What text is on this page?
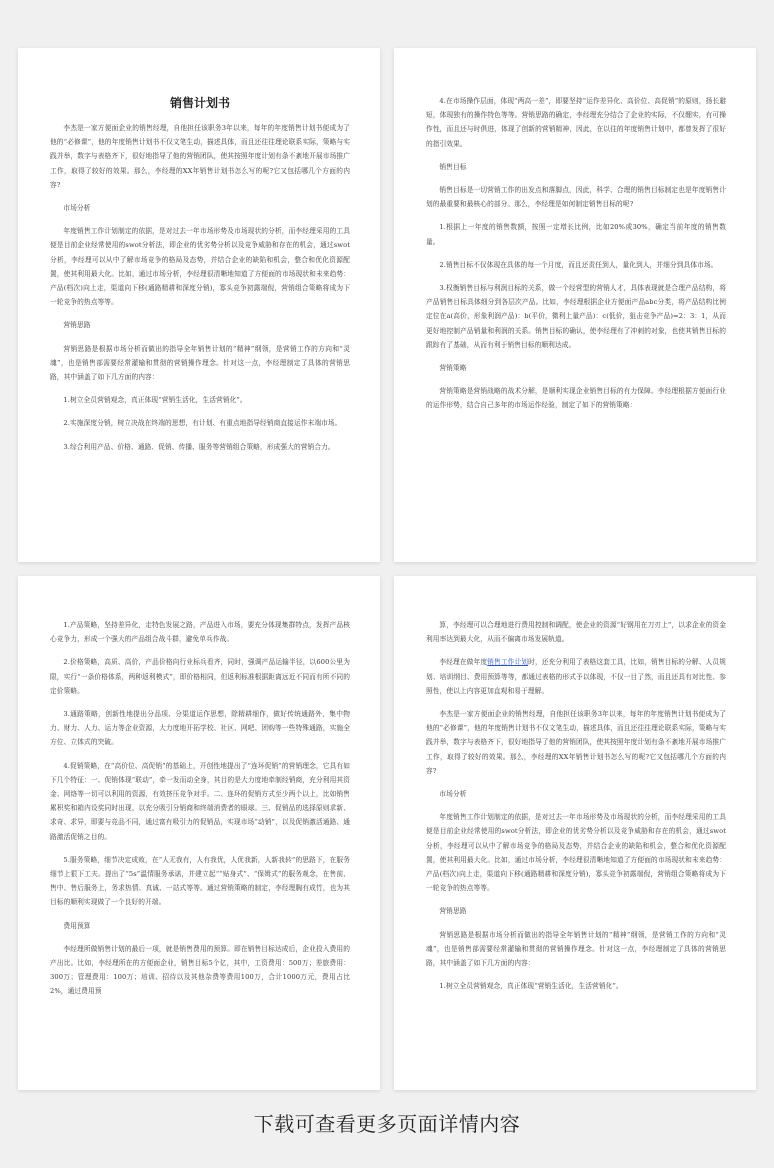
销售计划书

李杰是一家方便面企业的销售经理，自他担任该职务3年以来，每年的年度销售计划书便成为了他的“必修课”，他的年度销售计划书不仅文笔生动，描述具体，而且还往往理论联系实际，策略与实践并举，数字与表格齐下，很好地指导了他的营销团队，使其按照年度计划有条不紊地开展市场推广工作，取得了较好的效果。那么，李经理的XX年销售计划书怎么写的呢?它又包括哪几个方面的内容?

市场分析

年度销售工作计划制定的依据，是对过去一年市场形势及市场现状的分析，而李经理采用的工具便是目前企业经常使用的swot分析法，即企业的优劣势分析以及竞争威胁和存在的机会，通过swot分析，李经理可以从中了解市场竞争的格局及态势，并结合企业的缺陷和机会，整合和优化资源配置，使其利用最大化。比如，通过市场分析，李经理很清晰地知道了方便面的市场现状和未来趋势：产品(档次)向上走，渠道向下移(通路精耕和深度分销)，寡头竞争初露端倪，营销组合策略将成为下一轮竞争的热点等等。

营销思路

营销思路是根据市场分析而做出的指导全年销售计划的“精神”纲领，是营销工作的方向和“灵魂”，也是销售部需要经常灌输和贯彻的营销操作理念。针对这一点，李经理制定了具体的营销思路，其中涵盖了如下几方面的内容：

1.树立全员营销观念，真正体现“营销生活化，生活营销化”。

2.实施深度分销，树立决战在终端的思想，有计划、有重点地指导经销商直接运作末端市场。

3.综合利用产品、价格、通路、促销、传播、服务等营销组合策略，形成强大的营销合力。

4.在市场操作层面，体现“两高一差”，即要坚持“运作差异化、高价位、高促销”的原则，扬长避短，体现独有的操作特色等等。营销思路的确定，李经理充分结合了企业的实际，不仅绷实，有可操作性，而且还与时俱进，体现了创新的营销精神，因此，在以往的年度销售计划中，都曾发挥了很好的指引效果。

销售目标

销售目标是一切营销工作的出发点和落脚点，因此，科学、合理的销售目标制定也是年度销售计划的最重要和最核心的部分。那么，李经理是如何制定销售目标的呢?

1.根据上一年度的销售数额，按照一定增长比例，比如20%或30%，确定当前年度的销售数量。

2.销售目标不仅体现在具体的每一个月度，而且还责任到人，量化到人，并细分到具体市场。

3.权衡销售目标与利润目标的关系，做一个经营型的营销人才，具体表现就是合理产品结构，将产品销售目标具体细分到各层次产品。比如，李经理根据企业方便面产品abc分类，将产品结构比例定位在a(高价，形象利润产品)：b(平价，微利上量产品)：c(低价，狙击竞争产品)=2：3：1，从而更好地控制产品销量和利润的关系。销售目标的确认，使李经理有了冲刺的对象，也使其销售目标的跟踪有了基础，从而有利于销售目标的顺利达成。

营销策略

营销策略是营销战略的战术分解，是顺利实现企业销售目标的有力保障。李经理根据方便面行业的运作形势，结合自己多年的市场运作经验，制定了如下的营销策略：

1.产品策略，坚持差异化，走特色发展之路，产品进入市场，要充分体现集群特点，发挥产品核心竞争力，形成一个强大的产品组合战斗群，避免单兵作战。

2.价格策略，高质、高价，产品价格向行业标兵看齐，同时，强调产品运输半径，以600公里为限，实行“一条价格体系，两种返利模式”，即价格相同，但返利标准根据距离远近不同而有所不同的定价策略。

3.通路策略，创新性地提出分品项、分渠道运作思想，除精耕细作，做好传统通路外，集中物力、财力、人力、运力等企业资源，大力度地开拓学校、社区、网吧、团购等一些特殊通路，实施全方位、立体式的突破。

4.促销策略，在“高价位、高促销”的基础上，开创性地提出了“连环促销”的营销理念，它具有如下几个特征：一、促销体现“联动”，牵一发而动全身，其目的是大力度地牵制经销商，充分利用其资金、网络等一切可以利用的资源，有效挤压竞争对手。二、连环的促销方式至少两个以上，比如销售累积奖和箱内设奖同时出现，以充分吸引分销商和终端消费者的眼球。三、促销品的选择原则求新、求奇、求异，即要与竞品不同，通过富有吸引力的促销品，实现市场“动销”，以及促销激活通路、通路激活促销之目的。

5.服务策略，细节决定成败，在“人无我有，人有我优，人优我新，人新我转”的思路下，在服务细节上狠下工夫。提出了“5s”温情服务承诺，并建立起““贴身式”、“保姆式”的服务观念，在售前、售中、售后服务上，务求热情、真诚、一站式等等。通过营销策略的制定，李经理胸有成竹，也为其目标的顺利实现做了一个良好的开端。

费用预算

李经理所做销售计划的最后一项，就是销售费用的预算。即在销售目标达成后，企业投入费用的产出比。比如，李经理所在的方便面企业，销售目标5个亿，其中，工资费用：500万；差旅费用：300万；管理费用：100万；培训、招待以及其他杂费等费用100万，合计1000万元，费用占比2%，通过费用预

算，李经理可以合理地进行费用控制和调配，使企业的资源“好钢用在刀刃上”，以求企业的资金利用率达到最大化，从而不偏离市场发展轨道。

李经理在做年度销售工作计划时，还充分利用了表格这套工具，比如，销售目标的分解、人员规划、培训纲目、费用预算等等，都通过表格的形式予以体现，不仅一目了然，而且还具有对比性、参照性，使以上内容更加直观和易于理解。

李杰是一家方便面企业的销售经理，自他担任该职务3年以来，每年的年度销售计划书便成为了他的“必修课”，他的年度销售计划书不仅文笔生动，描述具体，而且还往往理论联系实际，策略与实践并举，数字与表格齐下，很好地指导了他的营销团队，使其按照年度计划有条不紊地开展市场推广工作，取得了较好的效果。那么，李经理的XX年销售计划书怎么写的呢?它又包括哪几个方面的内容?

市场分析

年度销售工作计划制定的依据，是对过去一年市场形势及市场现状的分析，而李经理采用的工具便是目前企业经常使用的swot分析法，即企业的优劣势分析以及竞争威胁和存在的机会，通过swot分析，李经理可以从中了解市场竞争的格局及态势，并结合企业的缺陷和机会，整合和优化资源配置，使其利用最大化。比如，通过市场分析，李经理很清晰地知道了方便面的市场现状和未来趋势：产品(档次)向上走，渠道向下移(通路精耕和深度分销)，寡头竞争初露端倪，营销组合策略将成为下一轮竞争的热点等等。

营销思路

营销思路是根据市场分析而做出的指导全年销售计划的“精神”纲领，是营销工作的方向和“灵魂”，也是销售部需要经常灌输和贯彻的营销操作理念。针对这一点，李经理制定了具体的营销思路，其中涵盖了如下几方面的内容：

1.树立全员营销观念，真正体现“营销生活化，生活营销化”。

下载可查看更多页面详情内容
